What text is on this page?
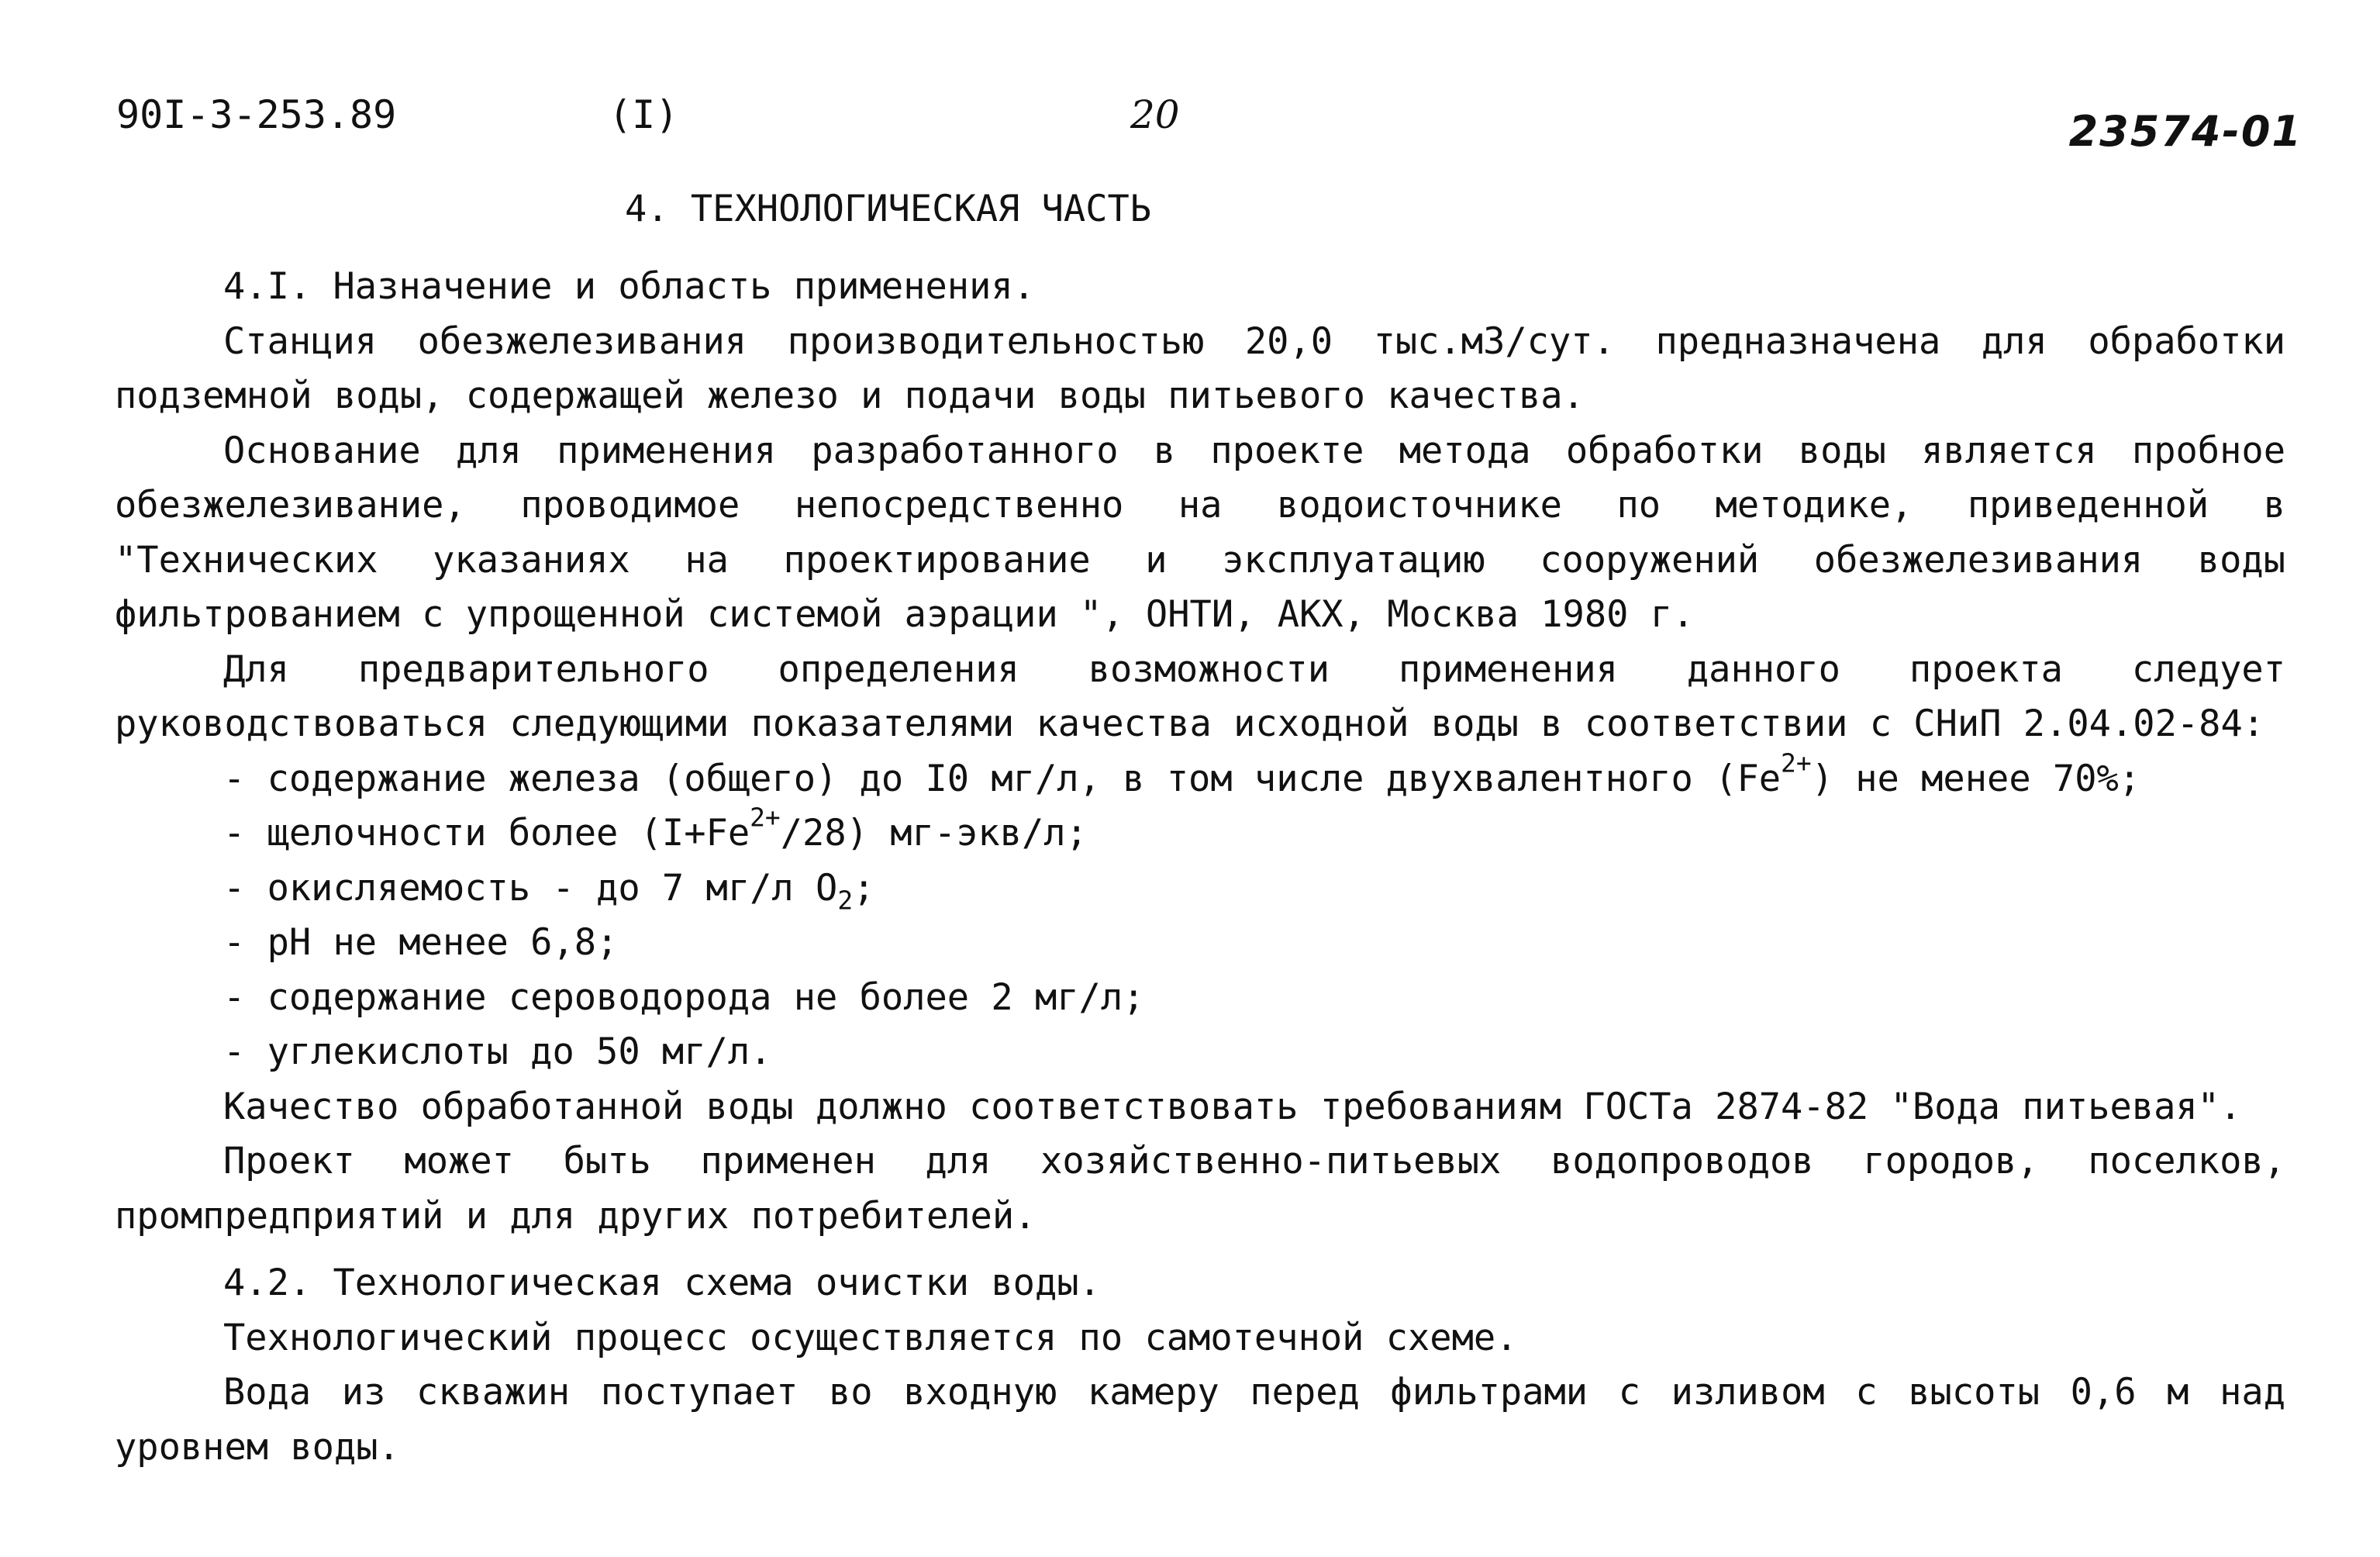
90I-3-253.89	(I)	20	23574-01
4. ТЕХНОЛОГИЧЕСКАЯ ЧАСТЬ

4.I. Назначение и область применения.

Станция обезжелезивания производительностью 20,0 тыс.м3/сут. предназначена для обработки подземной воды, содержащей железо и подачи воды питьевого качества.

Основание для применения разработанного в проекте метода обработки воды является пробное обезжелезивание, проводимое непосредственно на водоисточнике по методике, приведенной в "Технических указаниях на проектирование и эксплуатацию сооружений обезжелезивания воды фильтрованием с упрощенной системой аэрации ", ОНТИ, АКХ, Москва 1980 г.

Для предварительного определения возможности применения данного проекта следует руководствоваться следующими показателями качества исходной воды в соответствии с СНиП 2.04.02-84:

- содержание железа (общего) до I0 мг/л, в том числе двухвалентного $(Fe^{2+})$ не менее 70%;

- щелочности более $(I+Fe^{2+}/28)$ мг-экв/л;

- окисляемость - до 7 мг/л $O_2$;

- pH не менее 6,8;

- содержание сероводорода не более 2 мг/л;

- углекислоты до 50 мг/л.

Качество обработанной воды должно соответствовать требованиям ГОСТа 2874-82 "Вода питьевая".

Проект может быть применен для хозяйственно-питьевых водопроводов городов, поселков, промпредприятий и для других потребителей.

4.2. Технологическая схема очистки воды.

Технологический процесс осуществляется по самотечной схеме.

Вода из скважин поступает во входную камеру перед фильтрами с изливом с высоты 0,6 м над уровнем воды.
